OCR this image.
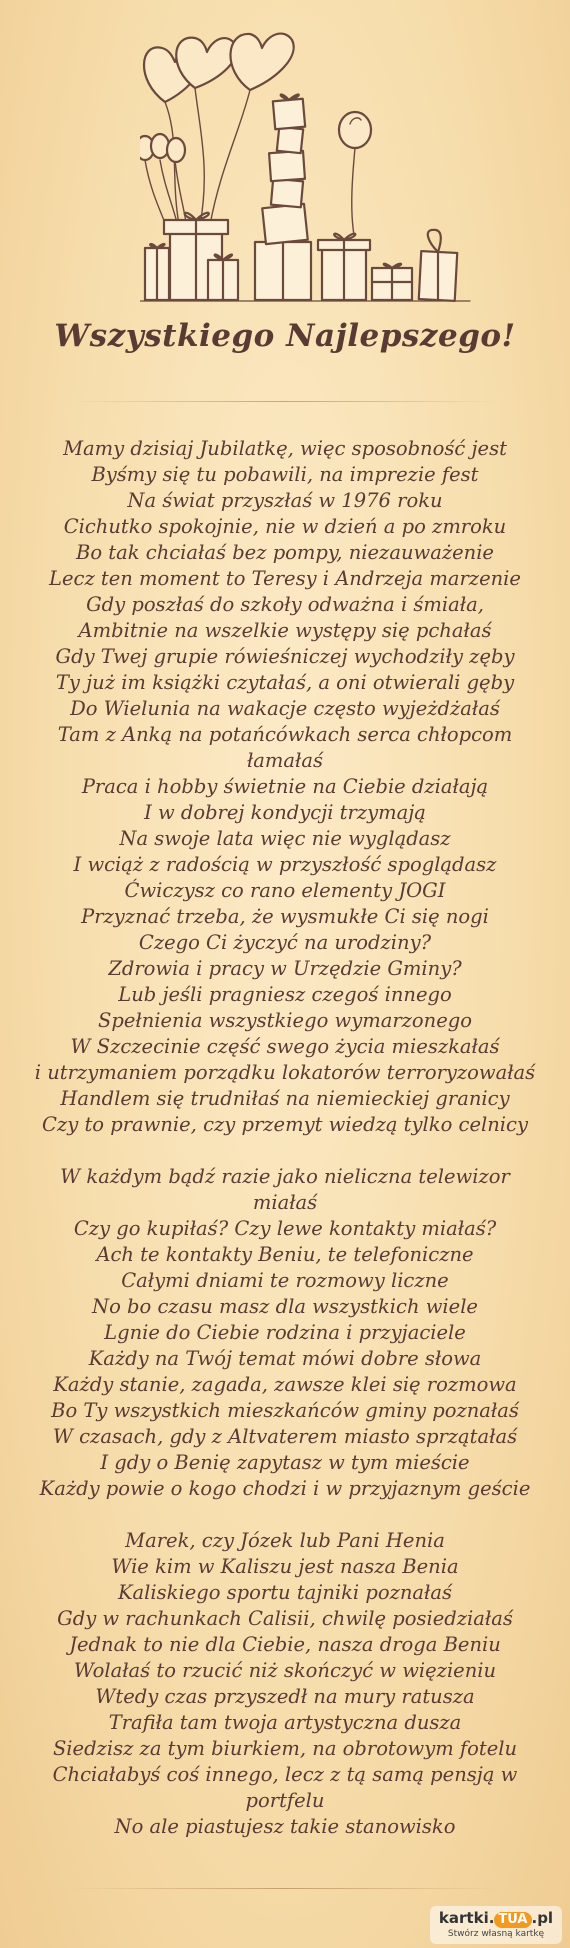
Wszystkiego Najlepszego!
Mamy dzisiaj Jubilatkę, więc sposobność jest
Byśmy się tu pobawili, na imprezie fest
Na świat przyszłaś w 1976 roku
Cichutko spokojnie, nie w dzień a po zmroku
Bo tak chciałaś bez pompy, niezauważenie
Lecz ten moment to Teresy i Andrzeja marzenie
Gdy poszłaś do szkoły odważna i śmiała,
Ambitnie na wszelkie występy się pchałaś
Gdy Twej grupie rówieśniczej wychodziły zęby
Ty już im książki czytałaś, a oni otwierali gęby
Do Wielunia na wakacje często wyjeżdżałaś
Tam z Anką na potańcówkach serca chłopcom łamałaś
Praca i hobby świetnie na Ciebie działają
I w dobrej kondycji trzymają
Na swoje lata więc nie wyglądasz
I wciąż z radością w przyszłość spoglądasz
Ćwiczysz co rano elementy JOGI
Przyznać trzeba, że wysmukłe Ci się nogi
Czego Ci życzyć na urodziny?
Zdrowia i pracy w Urzędzie Gminy?
Lub jeśli pragniesz czegoś innego
Spełnienia wszystkiego wymarzonego
W Szczecinie część swego życia mieszkałaś
i utrzymaniem porządku lokatorów terroryzowałaś
Handlem się trudniłaś na niemieckiej granicy
Czy to prawnie, czy przemyt wiedzą tylko celnicy
W każdym bądź razie jako nieliczna telewizor miałaś
Czy go kupiłaś? Czy lewe kontakty miałaś?
Ach te kontakty Beniu, te telefoniczne
Całymi dniami te rozmowy liczne
No bo czasu masz dla wszystkich wiele
Lgnie do Ciebie rodzina i przyjaciele
Każdy na Twój temat mówi dobre słowa
Każdy stanie, zagada, zawsze klei się rozmowa
Bo Ty wszystkich mieszkańców gminy poznałaś
W czasach, gdy z Altvaterem miasto sprzątałaś
I gdy o Benię zapytasz w tym mieście
Każdy powie o kogo chodzi i w przyjaznym geście
Marek, czy Józek lub Pani Henia
Wie kim w Kaliszu jest nasza Benia
Kaliskiego sportu tajniki poznałaś
Gdy w rachunkach Calisii, chwilę posiedziałaś
Jednak to nie dla Ciebie, nasza droga Beniu
Wolałaś to rzucić niż skończyć w więzieniu
Wtedy czas przyszedł na mury ratusza
Trafiła tam twoja artystyczna dusza
Siedzisz za tym biurkiem, na obrotowym fotelu
Chciałabyś coś innego, lecz z tą samą pensją w portfelu
No ale piastujesz takie stanowisko
kartki. TUA .pl
Stwórz własną kartkę
